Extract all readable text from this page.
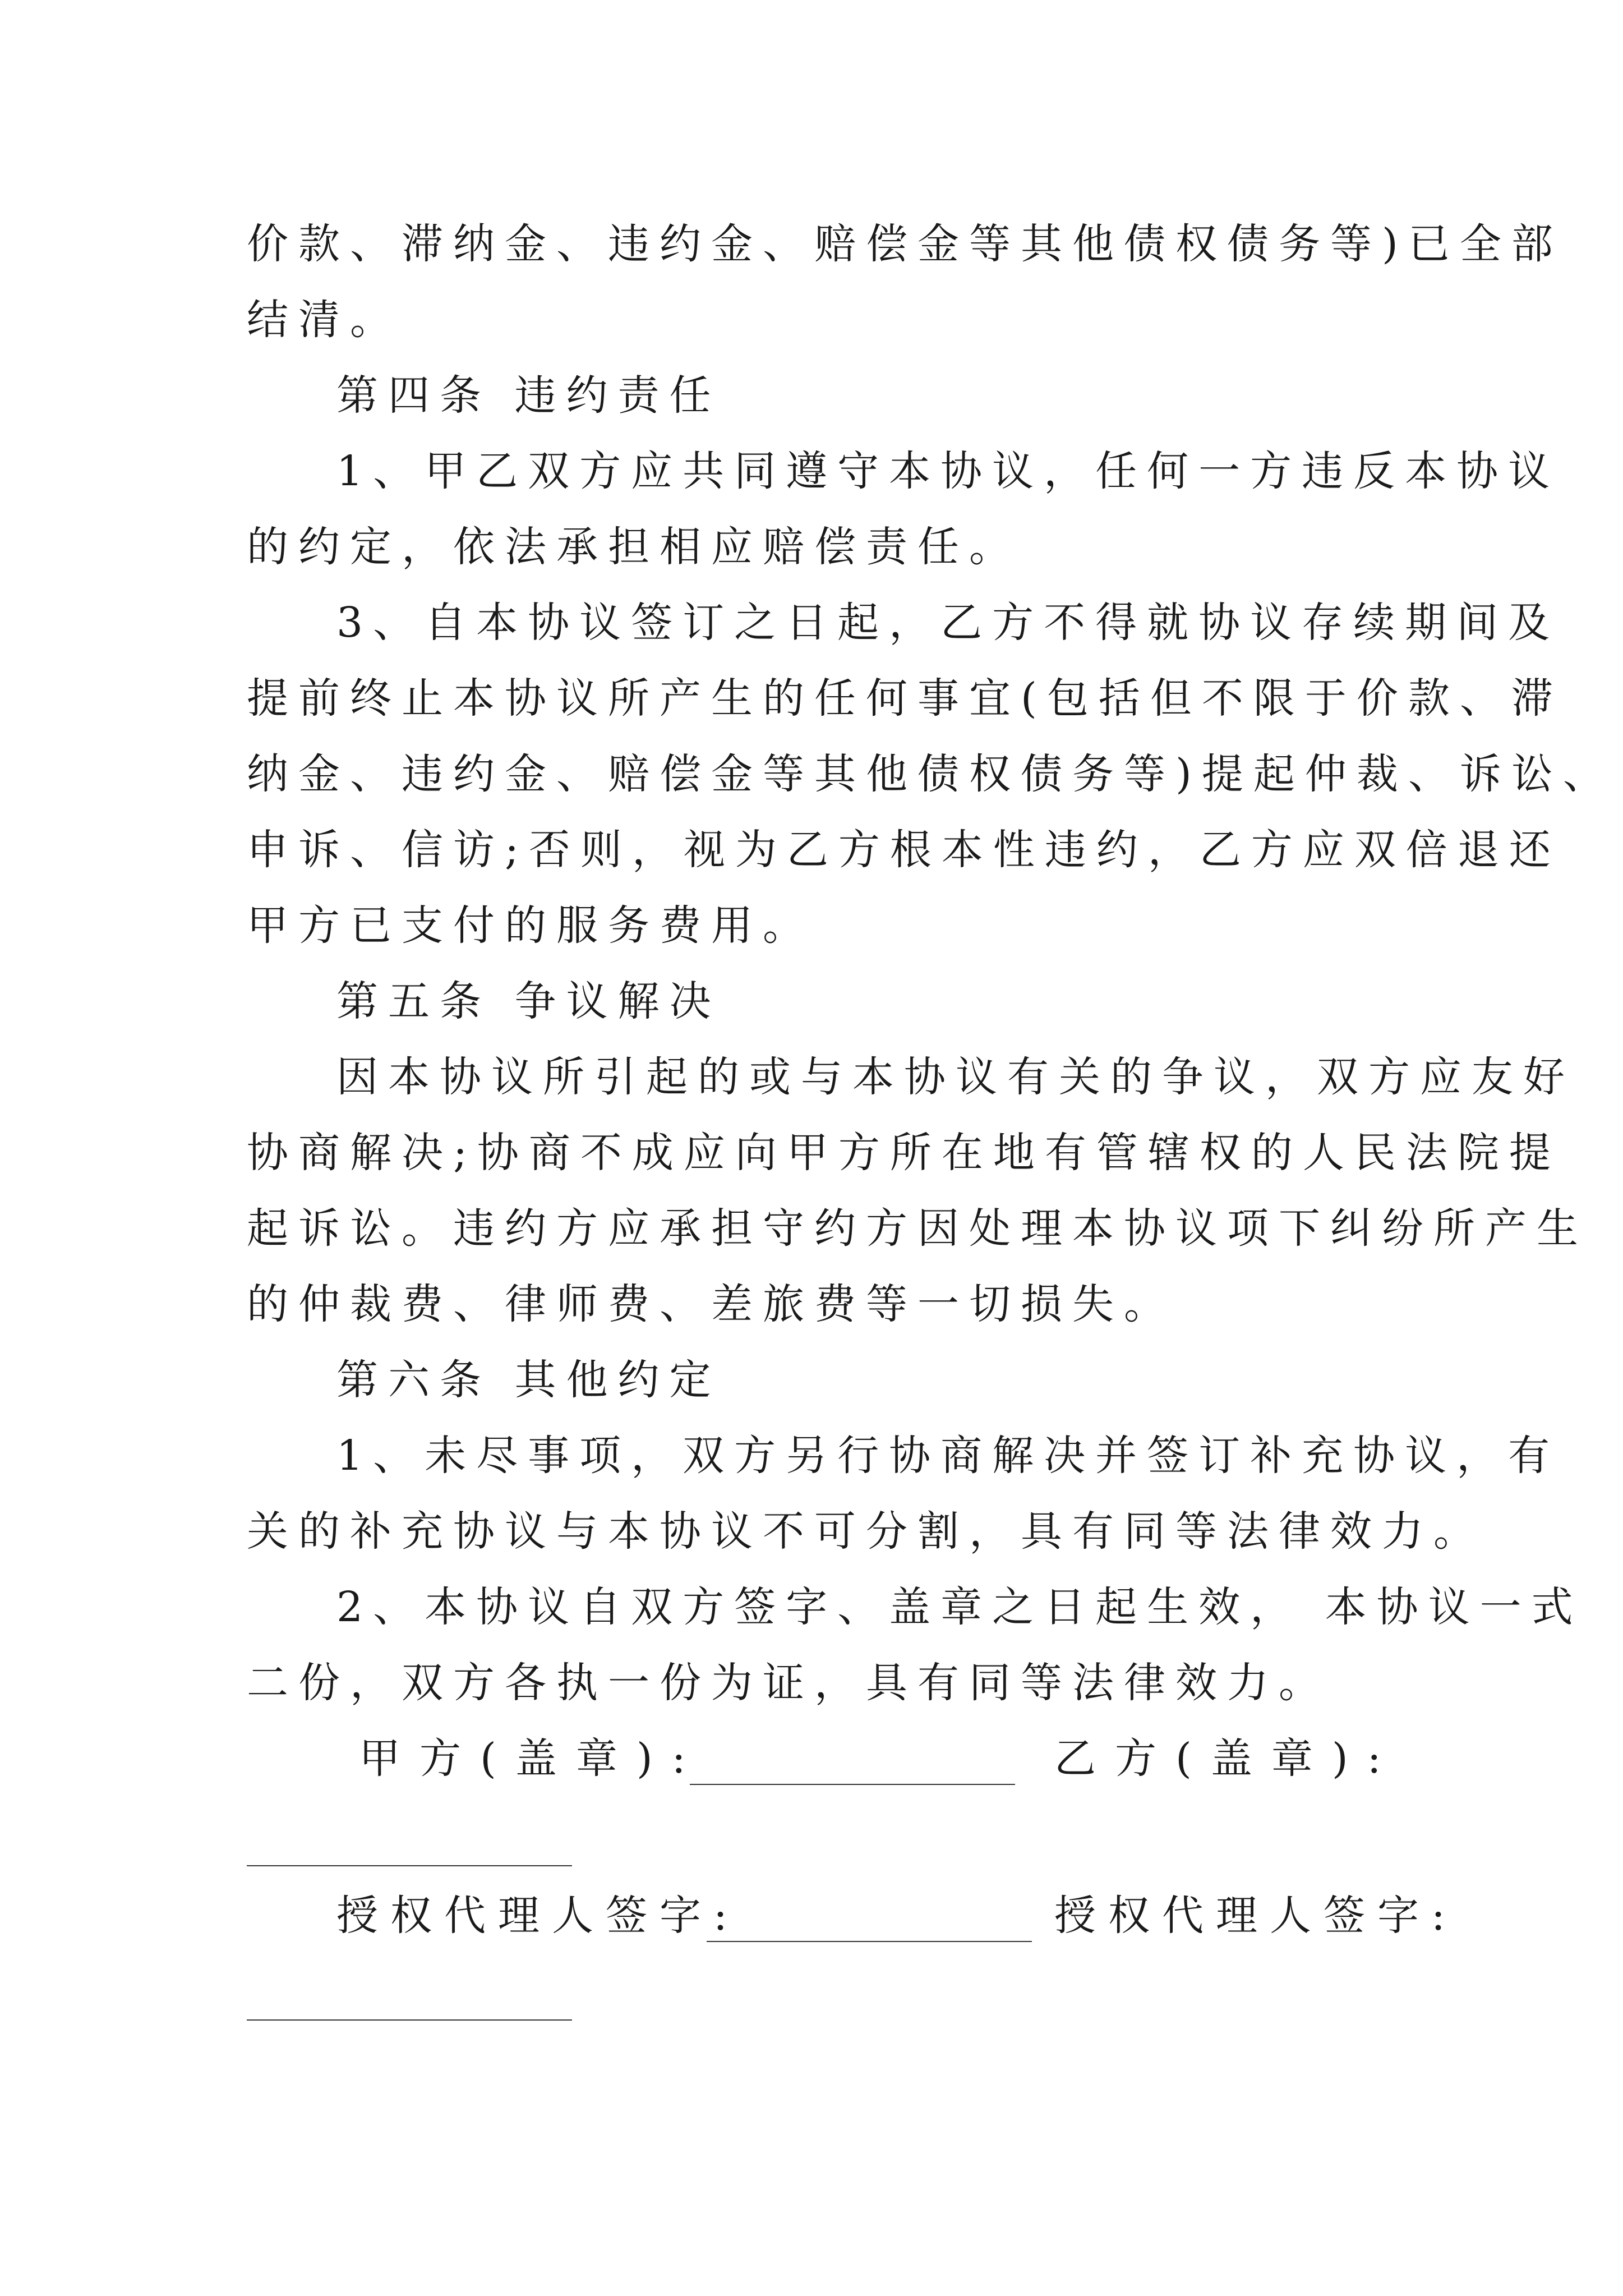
价款、滞纳金、违约金、赔偿金等其他债权债务等)已全部
结清。
第四条 违约责任
1、甲乙双方应共同遵守本协议，任何一方违反本协议
的约定，依法承担相应赔偿责任。
3、自本协议签订之日起，乙方不得就协议存续期间及
提前终止本协议所产生的任何事宜(包括但不限于价款、滞
纳金、违约金、赔偿金等其他债权债务等)提起仲裁、诉讼、
申诉、信访;否则，视为乙方根本性违约，乙方应双倍退还
甲方已支付的服务费用。
第五条 争议解决
因本协议所引起的或与本协议有关的争议，双方应友好
协商解决;协商不成应向甲方所在地有管辖权的人民法院提
起诉讼。违约方应承担守约方因处理本协议项下纠纷所产生
的仲裁费、律师费、差旅费等一切损失。
第六条 其他约定
1、未尽事项，双方另行协商解决并签订补充协议，有
关的补充协议与本协议不可分割，具有同等法律效力。
2、本协议自双方签字、盖章之日起生效， 本协议一式
二份，双方各执一份为证，具有同等法律效力。
甲方(盖章):	乙方(盖章):
授权代理人签字:	授权代理人签字:
